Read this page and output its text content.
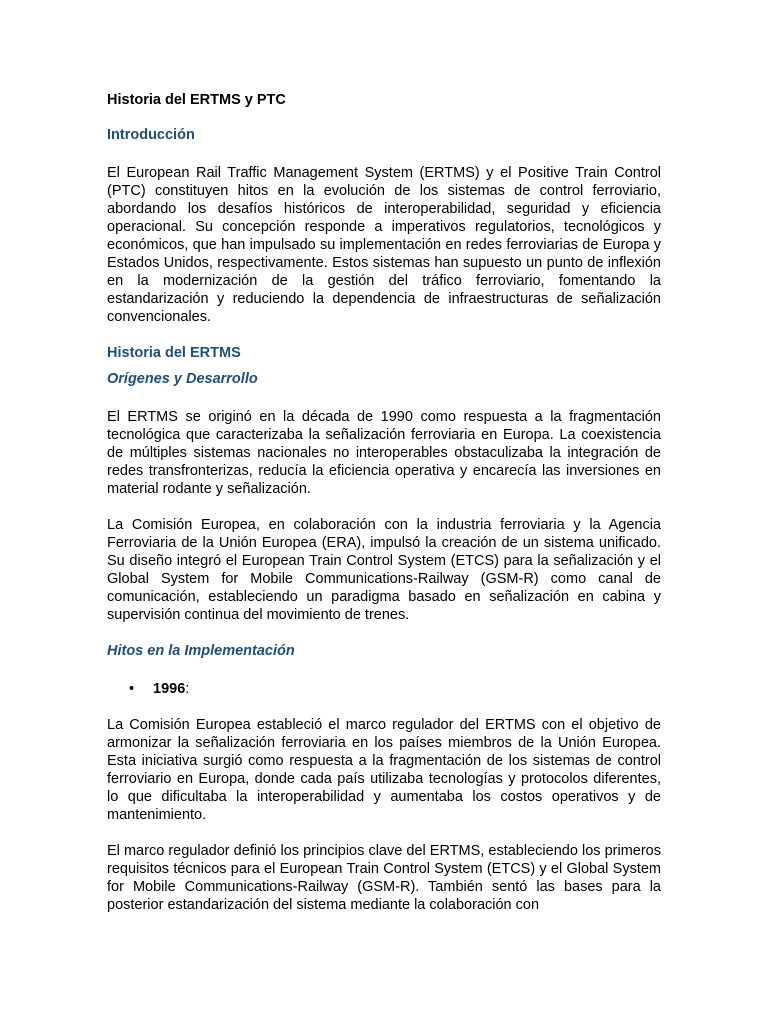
Historia del ERTMS y PTC
Introducción

El European Rail Traffic Management System (ERTMS) y el Positive Train Control (PTC) constituyen hitos en la evolución de los sistemas de control ferroviario, abordando los desafíos históricos de interoperabilidad, seguridad y eficiencia operacional. Su concepción responde a imperativos regulatorios, tecnológicos y económicos, que han impulsado su implementación en redes ferroviarias de Europa y Estados Unidos, respectivamente. Estos sistemas han supuesto un punto de inflexión en la modernización de la gestión del tráfico ferroviario, fomentando la estandarización y reduciendo la dependencia de infraestructuras de señalización convencionales.

Historia del ERTMS
Orígenes y Desarrollo

El ERTMS se originó en la década de 1990 como respuesta a la fragmentación tecnológica que caracterizaba la señalización ferroviaria en Europa. La coexistencia de múltiples sistemas nacionales no interoperables obstaculizaba la integración de redes transfronterizas, reducía la eficiencia operativa y encarecía las inversiones en material rodante y señalización.

La Comisión Europea, en colaboración con la industria ferroviaria y la Agencia Ferroviaria de la Unión Europea (ERA), impulsó la creación de un sistema unificado. Su diseño integró el European Train Control System (ETCS) para la señalización y el Global System for Mobile Communications-Railway (GSM-R) como canal de comunicación, estableciendo un paradigma basado en señalización en cabina y supervisión continua del movimiento de trenes.

Hitos en la Implementación
• 1996:

La Comisión Europea estableció el marco regulador del ERTMS con el objetivo de armonizar la señalización ferroviaria en los países miembros de la Unión Europea. Esta iniciativa surgió como respuesta a la fragmentación de los sistemas de control ferroviario en Europa, donde cada país utilizaba tecnologías y protocolos diferentes, lo que dificultaba la interoperabilidad y aumentaba los costos operativos y de mantenimiento.

El marco regulador definió los principios clave del ERTMS, estableciendo los primeros requisitos técnicos para el European Train Control System (ETCS) y el Global System for Mobile Communications-Railway (GSM-R). También sentó las bases para la posterior estandarización del sistema mediante la colaboración con
